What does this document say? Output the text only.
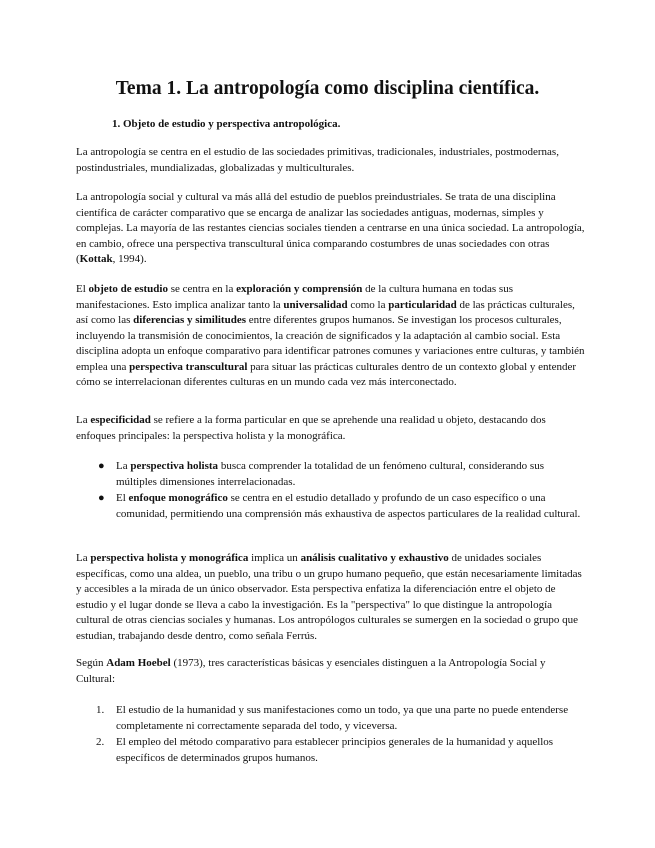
Tema 1. La antropología como disciplina científica.
1. Objeto de estudio y perspectiva antropológica.

La antropología se centra en el estudio de las sociedades primitivas, tradicionales, industriales, postmodernas, postindustriales, mundializadas, globalizadas y multiculturales.

La antropología social y cultural va más allá del estudio de pueblos preindustriales. Se trata de una disciplina científica de carácter comparativo que se encarga de analizar las sociedades antiguas, modernas, simples y complejas. La mayoría de las restantes ciencias sociales tienden a centrarse en una única sociedad. La antropología, en cambio, ofrece una perspectiva transcultural única comparando costumbres de unas sociedades con otras (Kottak, 1994).

El objeto de estudio se centra en la exploración y comprensión de la cultura humana en todas sus manifestaciones. Esto implica analizar tanto la universalidad como la particularidad de las prácticas culturales, así como las diferencias y similitudes entre diferentes grupos humanos. Se investigan los procesos culturales, incluyendo la transmisión de conocimientos, la creación de significados y la adaptación al cambio social. Esta disciplina adopta un enfoque comparativo para identificar patrones comunes y variaciones entre culturas, y también emplea una perspectiva transcultural para situar las prácticas culturales dentro de un contexto global y entender cómo se interrelacionan diferentes culturas en un mundo cada vez más interconectado.

La especificidad se refiere a la forma particular en que se aprehende una realidad u objeto, destacando dos enfoques principales: la perspectiva holista y la monográfica.

● La perspectiva holista busca comprender la totalidad de un fenómeno cultural, considerando sus múltiples dimensiones interrelacionadas.
● El enfoque monográfico se centra en el estudio detallado y profundo de un caso específico o una comunidad, permitiendo una comprensión más exhaustiva de aspectos particulares de la realidad cultural.

La perspectiva holista y monográfica implica un análisis cualitativo y exhaustivo de unidades sociales específicas, como una aldea, un pueblo, una tribu o un grupo humano pequeño, que están necesariamente limitadas y accesibles a la mirada de un único observador. Esta perspectiva enfatiza la diferenciación entre el objeto de estudio y el lugar donde se lleva a cabo la investigación. Es la "perspectiva" lo que distingue la antropología cultural de otras ciencias sociales y humanas. Los antropólogos culturales se sumergen en la sociedad o grupo que estudian, trabajando desde dentro, como señala Ferrús.

Según Adam Hoebel (1973), tres características básicas y esenciales distinguen a la Antropología Social y Cultural:

1. El estudio de la humanidad y sus manifestaciones como un todo, ya que una parte no puede entenderse completamente ni correctamente separada del todo, y viceversa.
2. El empleo del método comparativo para establecer principios generales de la humanidad y aquellos específicos de determinados grupos humanos.
